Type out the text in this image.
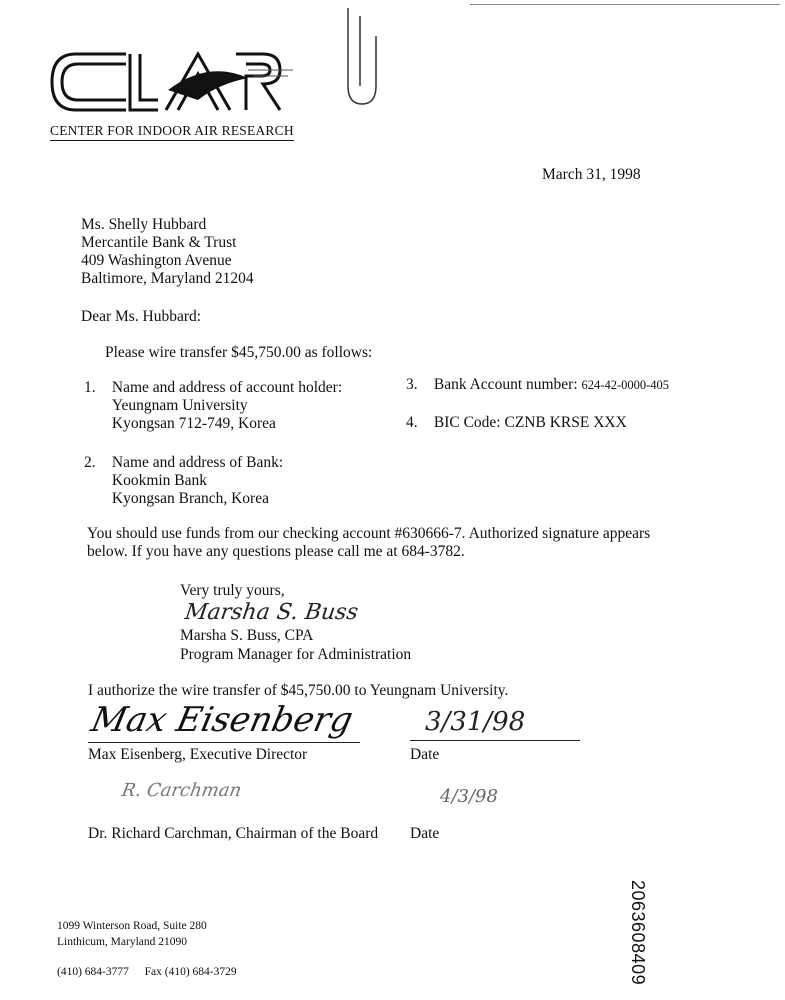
CENTER FOR INDOOR AIR RESEARCH
March 31, 1998
Ms. Shelly Hubbard
Mercantile Bank & Trust
409 Washington Avenue
Baltimore, Maryland 21204
Dear Ms. Hubbard:
Please wire transfer $45,750.00 as follows:
1. Name and address of account holder:
Yeungnam University
Kyongsan 712-749, Korea
2. Name and address of Bank:
Kookmin Bank
Kyongsan Branch, Korea
3. Bank Account number: 624-42-0000-405
4. BIC Code: CZNB KRSE XXX
You should use funds from our checking account #630666-7. Authorized signature appears
below. If you have any questions please call me at 684-3782.
Very truly yours,
Marsha S. Buss
Marsha S. Buss, CPA
Program Manager for Administration
I authorize the wire transfer of $45,750.00 to Yeungnam University.
Max Eisenberg	3/31/98
Max Eisenberg, Executive Director	Date
R. Carchman	4/3/98
Dr. Richard Carchman, Chairman of the Board Date
2063608409
1099 Winterson Road, Suite 280
Linthicum, Maryland 21090
(410) 684-3777 Fax (410) 684-3729
